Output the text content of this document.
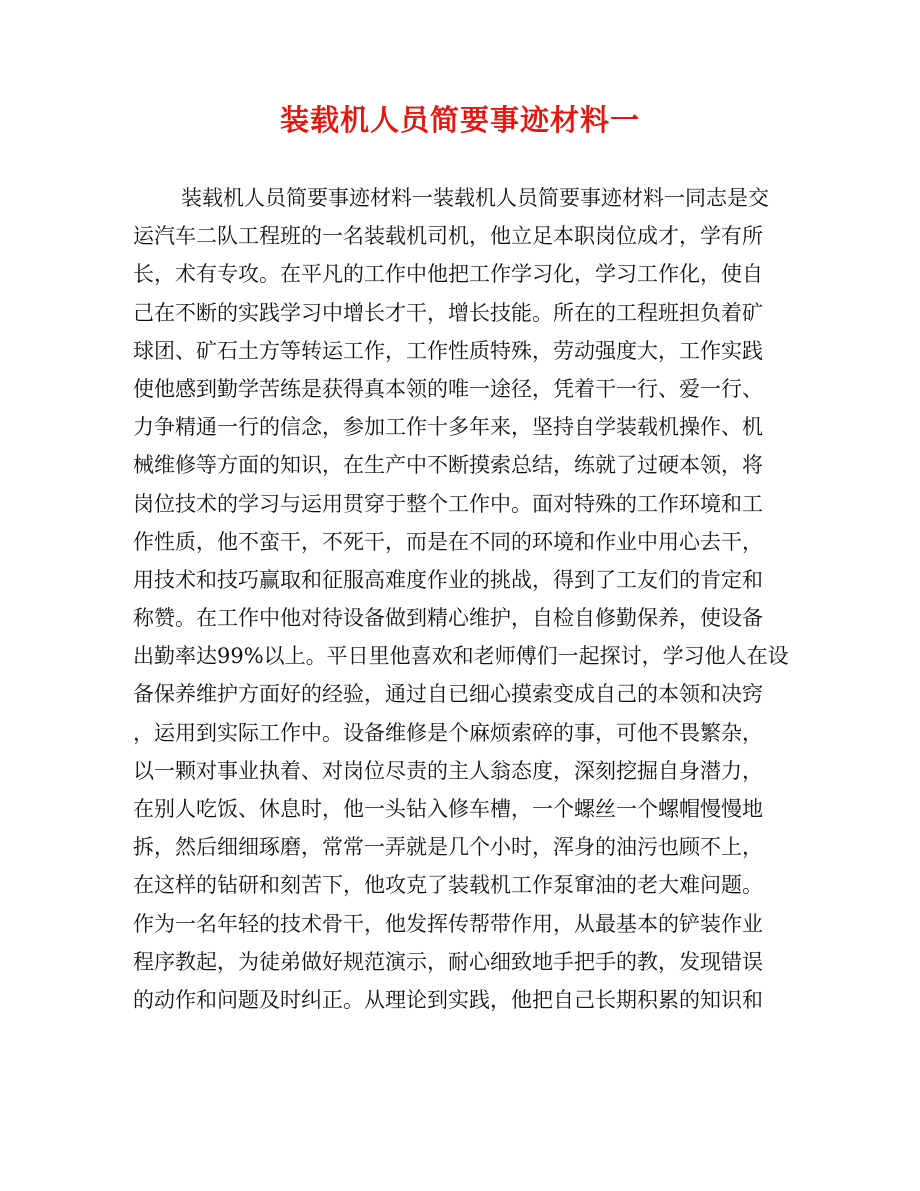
装载机人员简要事迹材料一
装载机人员简要事迹材料一装载机人员简要事迹材料一同志是交
运汽车二队工程班的一名装载机司机，他立足本职岗位成才，学有所
长，术有专攻。在平凡的工作中他把工作学习化，学习工作化，使自
己在不断的实践学习中增长才干，增长技能。所在的工程班担负着矿
球团、矿石土方等转运工作，工作性质特殊，劳动强度大，工作实践
使他感到勤学苦练是获得真本领的唯一途径，凭着干一行、爱一行、
力争精通一行的信念，参加工作十多年来，坚持自学装载机操作、机
械维修等方面的知识，在生产中不断摸索总结，练就了过硬本领，将
岗位技术的学习与运用贯穿于整个工作中。面对特殊的工作环境和工
作性质，他不蛮干，不死干，而是在不同的环境和作业中用心去干，
用技术和技巧赢取和征服高难度作业的挑战，得到了工友们的肯定和
称赞。在工作中他对待设备做到精心维护，自检自修勤保养，使设备
出勤率达99%以上。平日里他喜欢和老师傅们一起探讨，学习他人在设
备保养维护方面好的经验，通过自已细心摸索变成自己的本领和决窍
，运用到实际工作中。设备维修是个麻烦索碎的事，可他不畏繁杂，
以一颗对事业执着、对岗位尽责的主人翁态度，深刻挖掘自身潜力，
在别人吃饭、休息时，他一头钻入修车槽，一个螺丝一个螺帽慢慢地
拆，然后细细琢磨，常常一弄就是几个小时，浑身的油污也顾不上，
在这样的钻研和刻苦下，他攻克了装载机工作泵窜油的老大难问题。
作为一名年轻的技术骨干，他发挥传帮带作用，从最基本的铲装作业
程序教起，为徒弟做好规范演示，耐心细致地手把手的教，发现错误
的动作和问题及时纠正。从理论到实践，他把自己长期积累的知识和
